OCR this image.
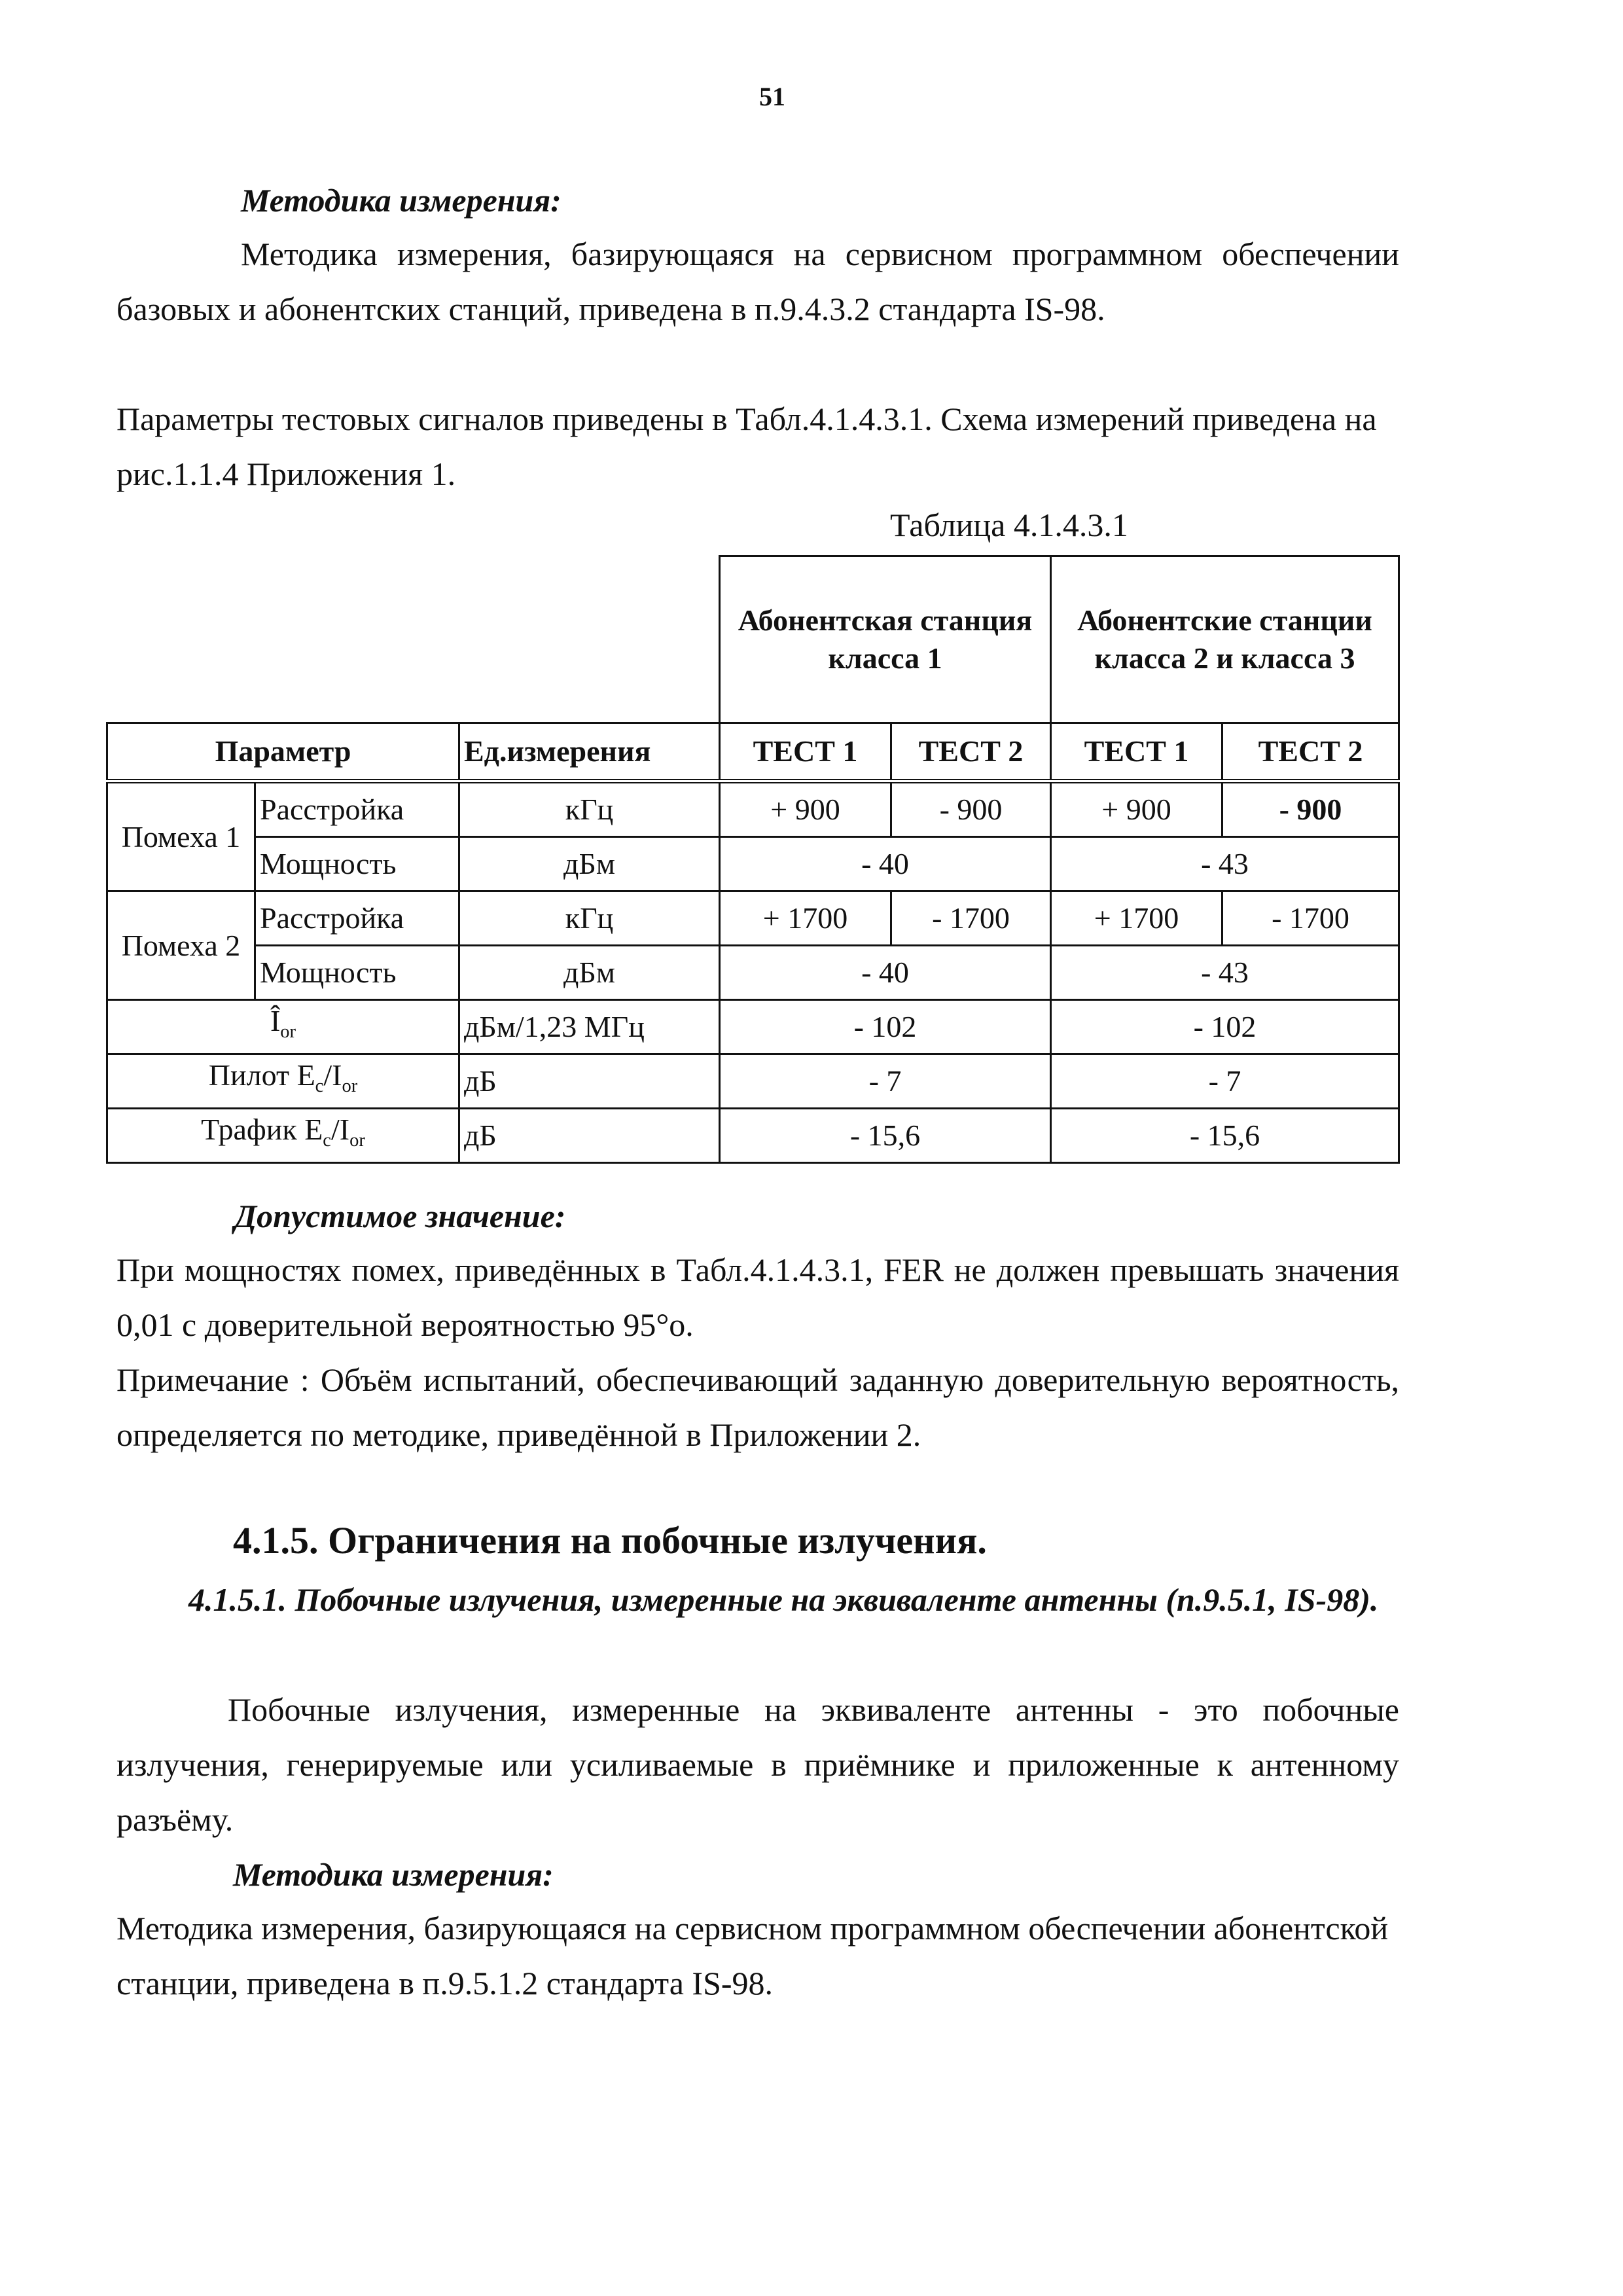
51
Методика измерения:
Методика измерения, базирующаяся на сервисном программном обеспечении базовых и абонентских станций, приведена в п.9.4.3.2 стандарта IS-98.
Параметры тестовых сигналов приведены в Табл.4.1.4.3.1. Схема измерений приведена на рис.1.1.4 Приложения 1.
Таблица 4.1.4.3.1
			Абонентская станция класса 1		Абонентские станции класса 2 и класса 3	
Параметр		Ед.измерения	ТЕСТ 1	ТЕСТ 2	ТЕСТ 1	ТЕСТ 2
Помеха 1	Расстройка	кГц	+ 900	- 900	+ 900	- 900
	Мощность	дБм	- 40		- 43	
Помеха 2	Расстройка	кГц	+ 1700	- 1700	+ 1700	- 1700
	Мощность	дБм	- 40		- 43	
$Î_{or}$		дБм/1,23 МГц	- 102		- 102	
Пилот $E_c/I_{or}$		дБ	- 7		- 7	
Трафик $E_c/I_{or}$		дБ	- 15,6		- 15,6	
Допустимое значение:
При мощностях помех, приведённых в Табл.4.1.4.3.1, FER не должен превышать значения 0,01 с доверительной вероятностью 95°о.
Примечание : Объём испытаний, обеспечивающий заданную доверительную вероятность, определяется по методике, приведённой в Приложении 2.
4.1.5. Ограничения на побочные излучения.
4.1.5.1. Побочные излучения, измеренные на эквиваленте антенны (п.9.5.1, IS-98).
Побочные излучения, измеренные на эквиваленте антенны - это побочные излучения, генерируемые или усиливаемые в приёмнике и приложенные к антенному разъёму.
Методика измерения:
Методика измерения, базирующаяся на сервисном программном обеспечении абонентской станции, приведена в п.9.5.1.2 стандарта IS-98.
